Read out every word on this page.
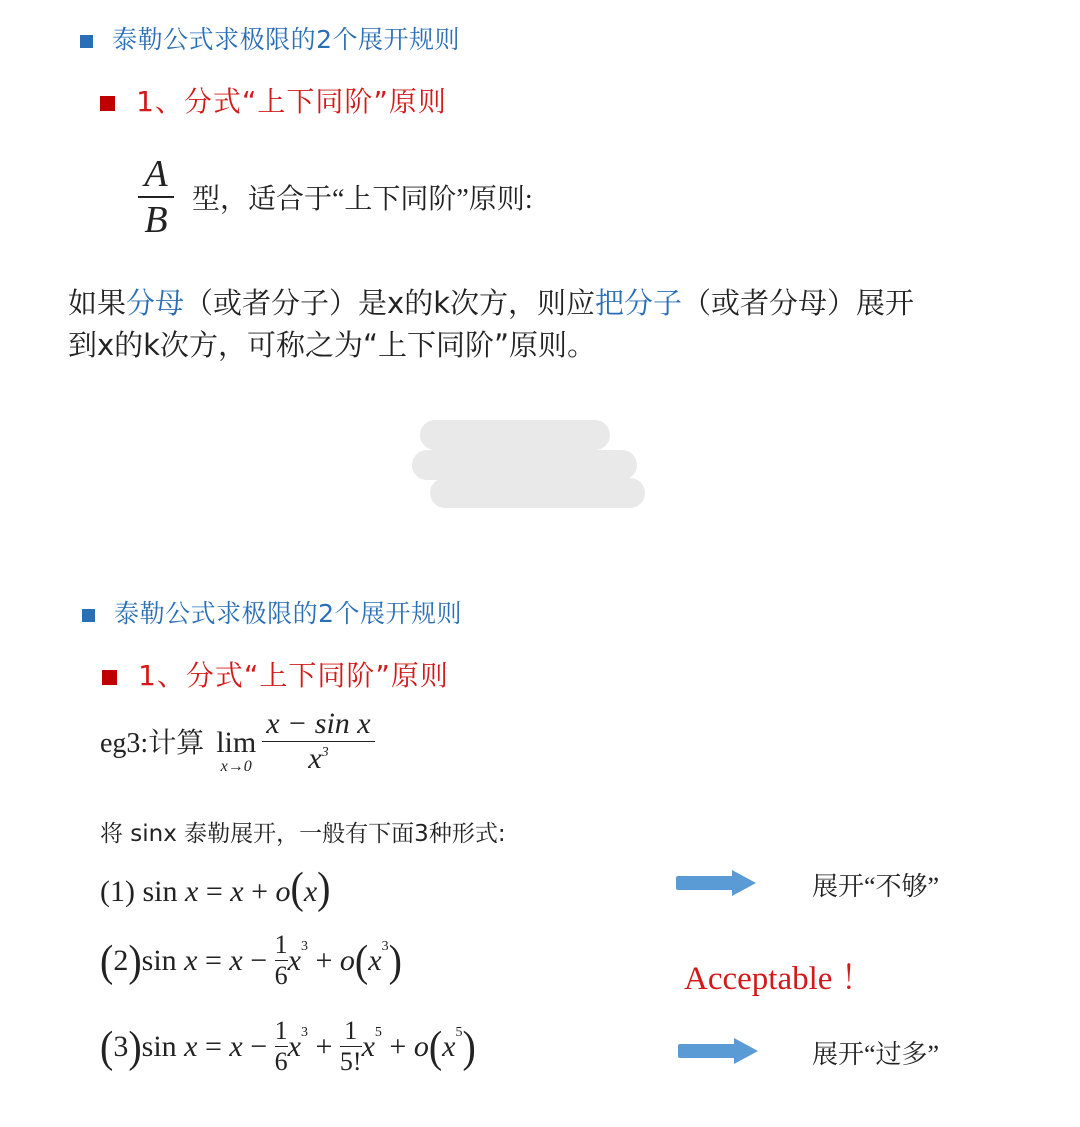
泰勒公式求极限的2个展开规则
1、分式“上下同阶”原则
$\frac{A}{B}$ 型，适合于“上下同阶”原则:
如果分母（或者分子）是x的k次方，则应把分子（或者分母）展开
到x的k次方，可称之为“上下同阶”原则。
泰勒公式求极限的2个展开规则
1、分式“上下同阶”原则
eg3:计算 lim
$x\to 0 \frac{\text{x − sin x}}{x^3}$
将 sinx 泰勒展开，一般有下面3种形式:
(1) sin x = x + o(x)	展开“不够”
( 2 ) $\sin x = x - \frac{1}{6}$ x 3 + o ( x 3 )	Acceptable ！
( 3 ) $\sin x = x - \frac{1}{6}$ x $3 + \frac{1}{5!}$ x 5 + o ( x 5 )	展开“过多”
